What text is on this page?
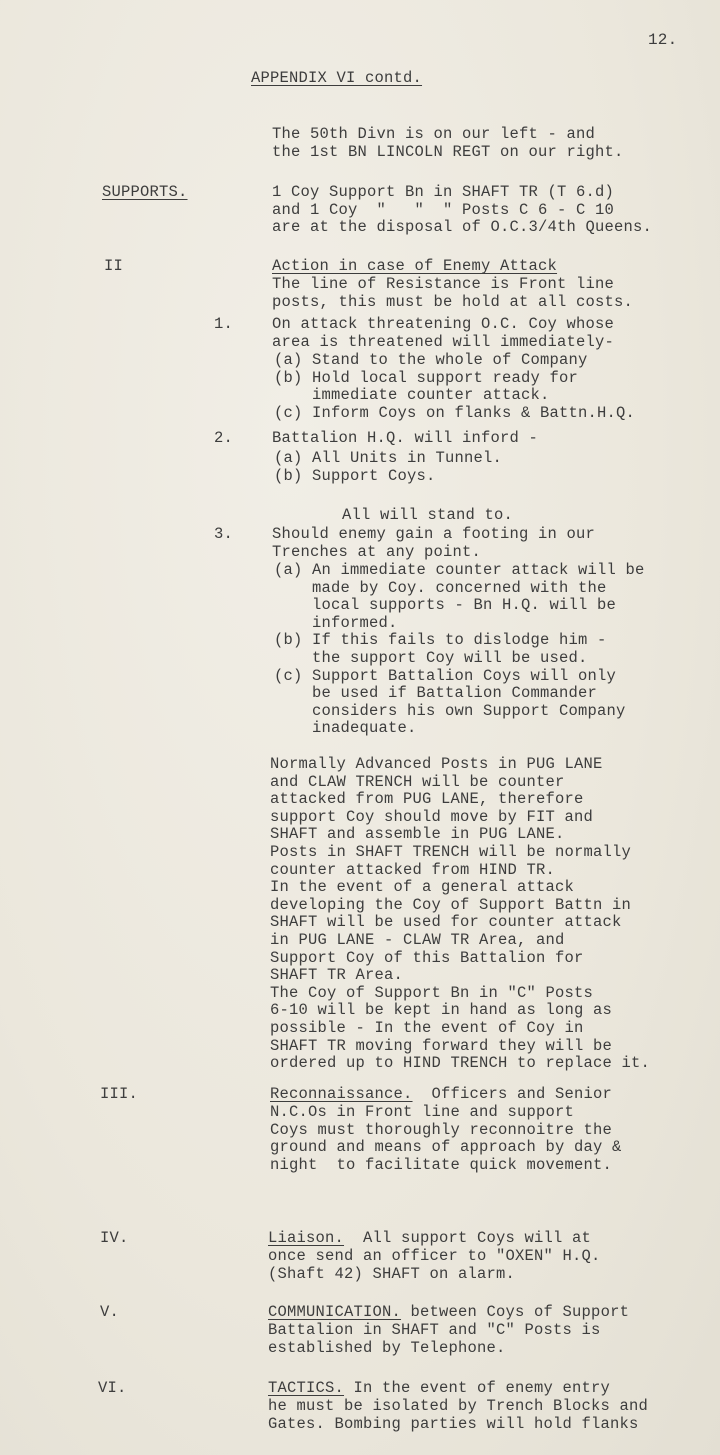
12.
APPENDIX VI contd.
The 50th Divn is on our left - and
the 1st BN LINCOLN REGT on our right.
SUPPORTS.	1 Coy Support Bn in SHAFT TR (T 6.d)
and 1 Coy  "   "  " Posts C 6 - C 10
are at the disposal of O.C.3/4th Queens.
II	Action in case of Enemy Attack
The line of Resistance is Front line
posts, this must be hold at all costs.
1.	On attack threatening O.C. Coy whose
area is threatened will immediately-
(a) Stand to the whole of Company
(b) Hold local support ready for
immediate counter attack.
(c) Inform Coys on flanks & Battn.H.Q.
2.	Battalion H.Q. will inford -
(a) All Units in Tunnel.
(b) Support Coys.
All will stand to.
3.	Should enemy gain a footing in our
Trenches at any point.
(a) An immediate counter attack will be
made by Coy. concerned with the
local supports - Bn H.Q. will be
informed.
(b) If this fails to dislodge him -
the support Coy will be used.
(c) Support Battalion Coys will only
be used if Battalion Commander
considers his own Support Company
inadequate.
Normally Advanced Posts in PUG LANE
and CLAW TRENCH will be counter
attacked from PUG LANE, therefore
support Coy should move by FIT and
SHAFT and assemble in PUG LANE.
Posts in SHAFT TRENCH will be normally
counter attacked from HIND TR.
In the event of a general attack
developing the Coy of Support Battn in
SHAFT will be used for counter attack
in PUG LANE - CLAW TR Area, and
Support Coy of this Battalion for
SHAFT TR Area.
The Coy of Support Bn in "C" Posts
6-10 will be kept in hand as long as
possible - In the event of Coy in
SHAFT TR moving forward they will be
ordered up to HIND TRENCH to replace it.
III.	Reconnaissance.  Officers and Senior
N.C.Os in Front line and support
Coys must thoroughly reconnoitre the
ground and means of approach by day &
night  to facilitate quick movement.
IV.	Liaison.  All support Coys will at
once send an officer to "OXEN" H.Q.
(Shaft 42) SHAFT on alarm.
V.	COMMUNICATION. between Coys of Support
Battalion in SHAFT and "C" Posts is
established by Telephone.
VI.	TACTICS. In the event of enemy entry
he must be isolated by Trench Blocks and
Gates. Bombing parties will hold flanks
